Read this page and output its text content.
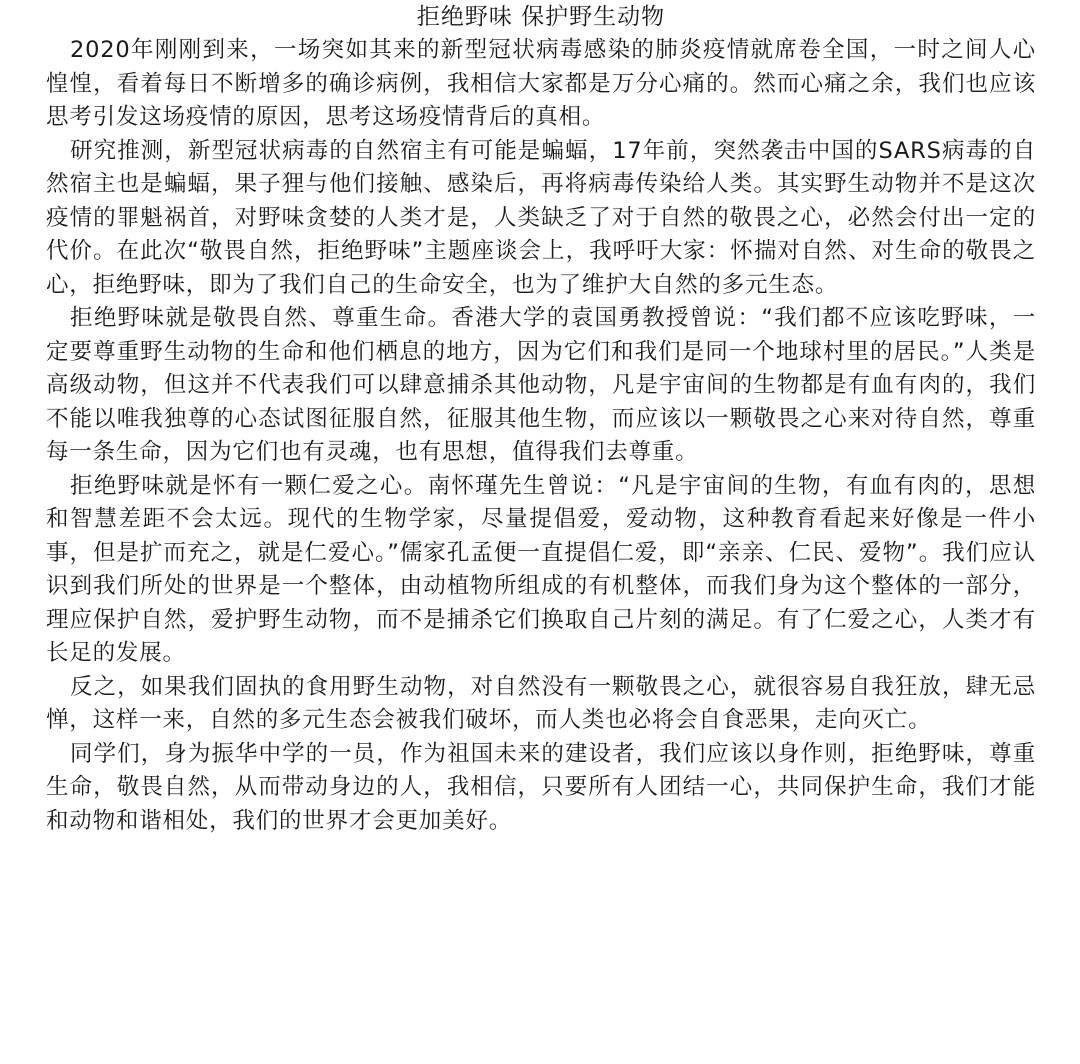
拒绝野味 保护野生动物

2020年刚刚到来，一场突如其来的新型冠状病毒感染的肺炎疫情就席卷全国，一时之间人心惶惶，看着每日不断增多的确诊病例，我相信大家都是万分心痛的。然而心痛之余，我们也应该思考引发这场疫情的原因，思考这场疫情背后的真相。

研究推测，新型冠状病毒的自然宿主有可能是蝙蝠，17年前，突然袭击中国的SARS病毒的自然宿主也是蝙蝠，果子狸与他们接触、感染后，再将病毒传染给人类。其实野生动物并不是这次疫情的罪魁祸首，对野味贪婪的人类才是，人类缺乏了对于自然的敬畏之心，必然会付出一定的代价。在此次“敬畏自然，拒绝野味”主题座谈会上，我呼吁大家：怀揣对自然、对生命的敬畏之心，拒绝野味，即为了我们自己的生命安全，也为了维护大自然的多元生态。

拒绝野味就是敬畏自然、尊重生命。香港大学的袁国勇教授曾说：“我们都不应该吃野味，一定要尊重野生动物的生命和他们栖息的地方，因为它们和我们是同一个地球村里的居民。”人类是高级动物，但这并不代表我们可以肆意捕杀其他动物，凡是宇宙间的生物都是有血有肉的，我们不能以唯我独尊的心态试图征服自然，征服其他生物，而应该以一颗敬畏之心来对待自然，尊重每一条生命，因为它们也有灵魂，也有思想，值得我们去尊重。

拒绝野味就是怀有一颗仁爱之心。南怀瑾先生曾说：“凡是宇宙间的生物，有血有肉的，思想和智慧差距不会太远。现代的生物学家，尽量提倡爱，爱动物，这种教育看起来好像是一件小事，但是扩而充之，就是仁爱心。”儒家孔孟便一直提倡仁爱，即“亲亲、仁民、爱物”。我们应认识到我们所处的世界是一个整体，由动植物所组成的有机整体，而我们身为这个整体的一部分，理应保护自然，爱护野生动物，而不是捕杀它们换取自己片刻的满足。有了仁爱之心，人类才有长足的发展。

反之，如果我们固执的食用野生动物，对自然没有一颗敬畏之心，就很容易自我狂放，肆无忌惮，这样一来，自然的多元生态会被我们破坏，而人类也必将会自食恶果，走向灭亡。

同学们，身为振华中学的一员，作为祖国未来的建设者，我们应该以身作则，拒绝野味，尊重生命，敬畏自然，从而带动身边的人，我相信，只要所有人团结一心，共同保护生命，我们才能和动物和谐相处，我们的世界才会更加美好。
